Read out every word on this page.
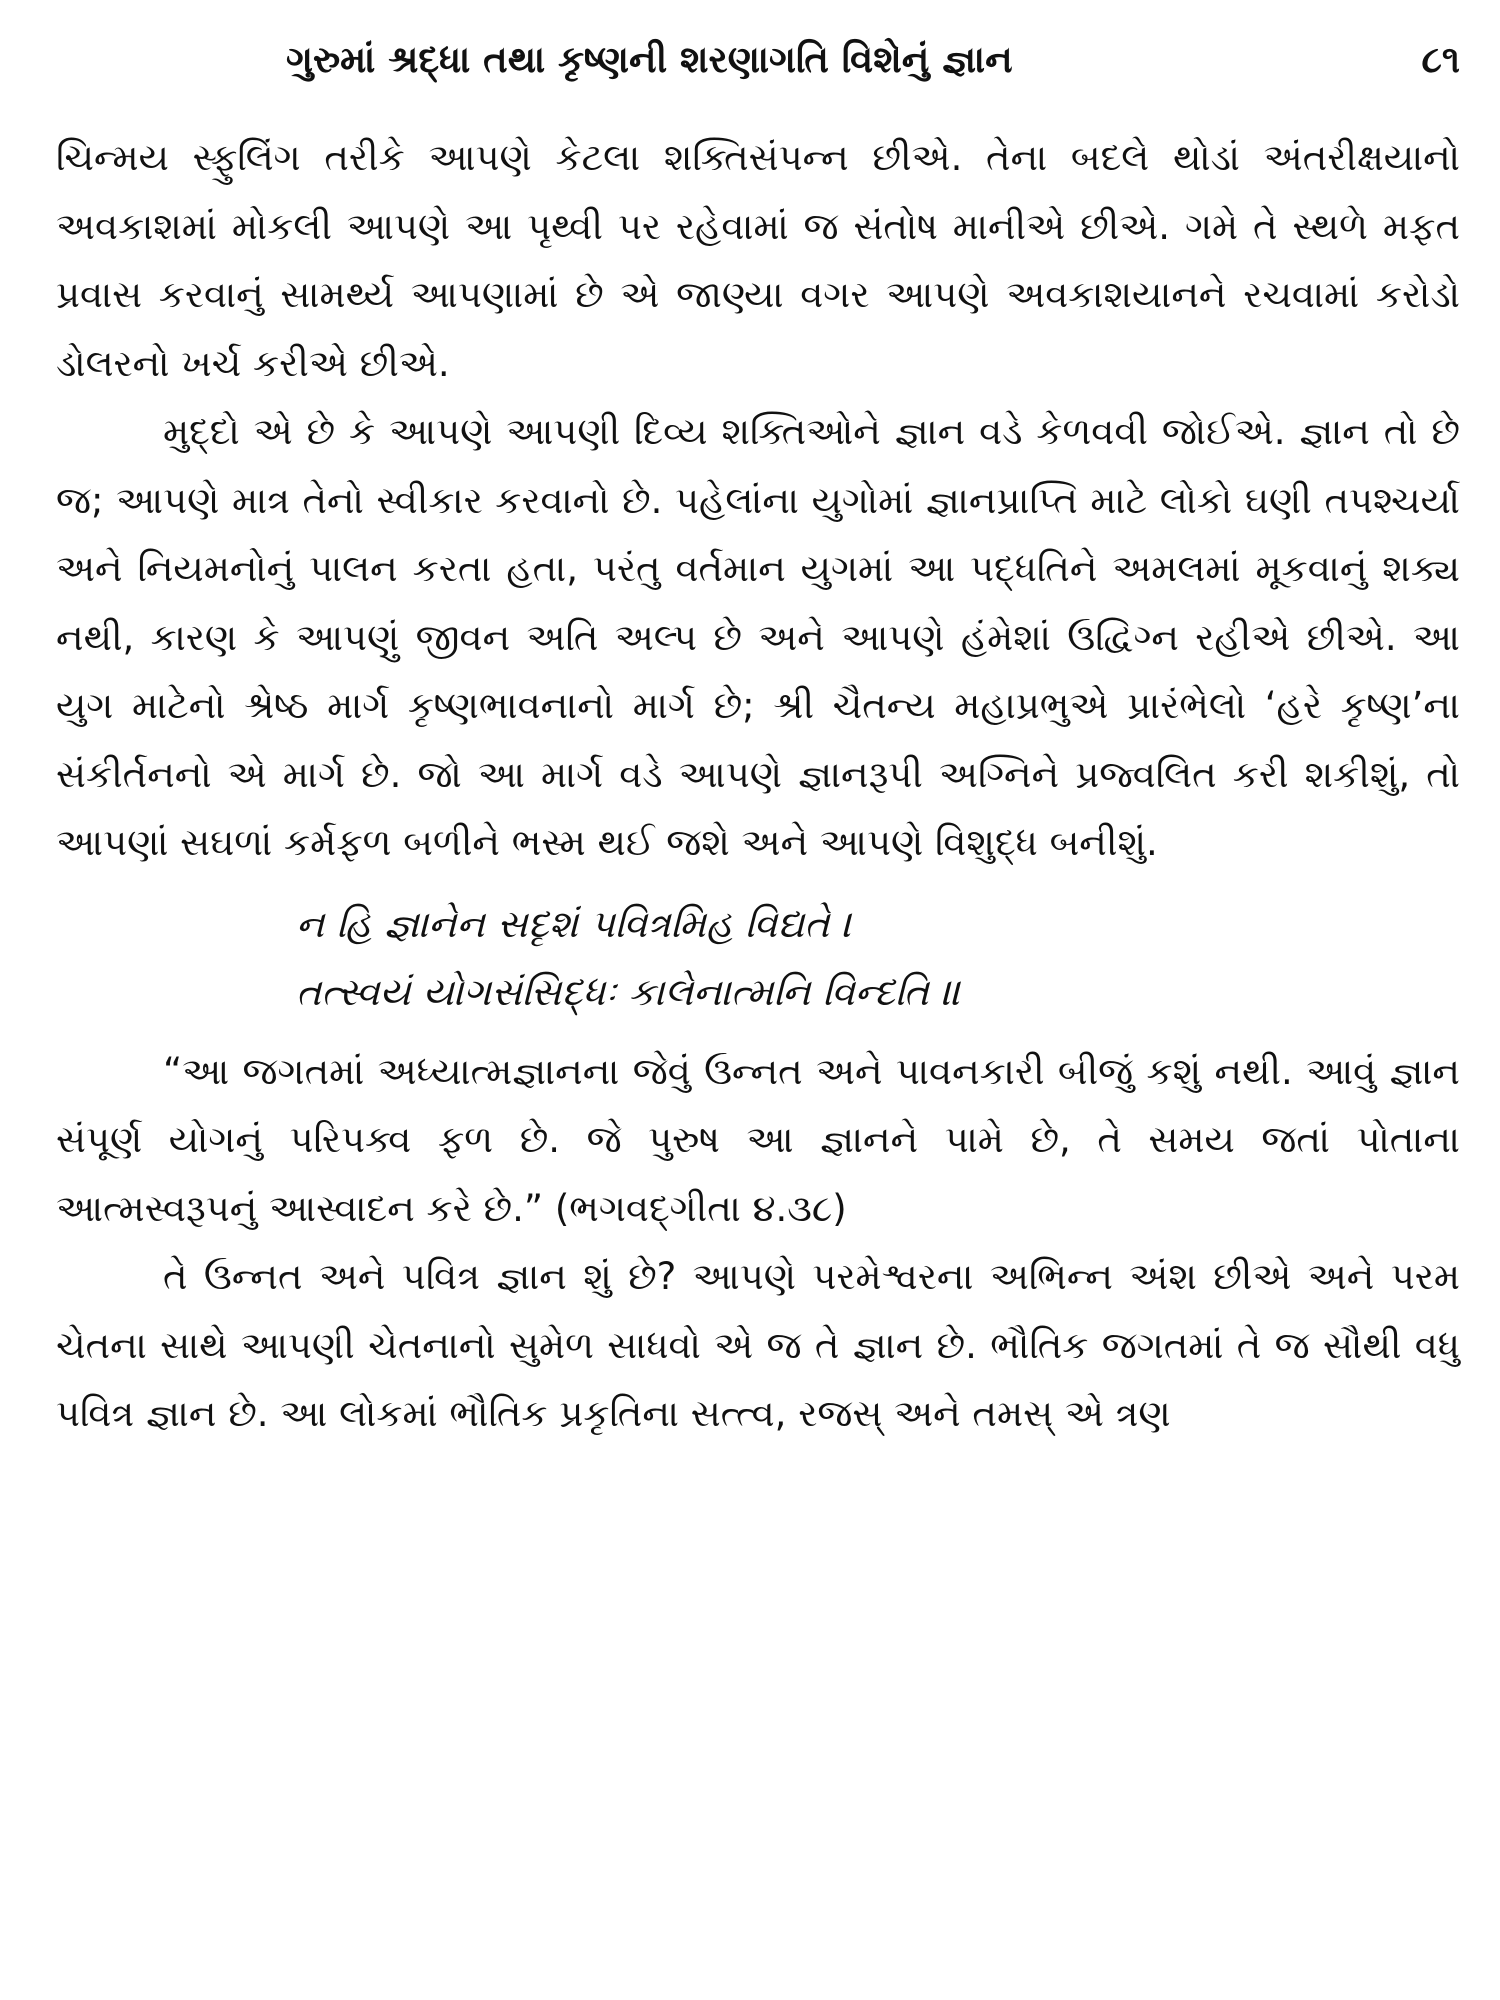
ગુરુમાં શ્રદ્ધા તથા કૃષ્ણની શરણાગતિ વિશેનું જ્ઞાન	૮૧

ચિન્મય સ્ફુલિંગ તરીકે આપણે કેટલા શક્તિસંપન્ન છીએ. તેના બદલે થોડાં અંતરીક્ષયાનો અવકાશમાં મોકલી આપણે આ પૃથ્વી પર રહેવામાં જ સંતોષ માનીએ છીએ. ગમે તે સ્થળે મફત પ્રવાસ કરવાનું સામર્થ્ય આપણામાં છે એ જાણ્યા વગર આપણે અવકાશયાનને રચવામાં કરોડો ડોલરનો ખર્ચ કરીએ છીએ.

મુદ્દો એ છે કે આપણે આપણી દિવ્ય શક્તિઓને જ્ઞાન વડે કેળવવી જોઈએ. જ્ઞાન તો છે જ; આપણે માત્ર તેનો સ્વીકાર કરવાનો છે. પહેલાંના યુગોમાં જ્ઞાનપ્રાપ્તિ માટે લોકો ઘણી તપશ્ચર્યા અને નિયમનોનું પાલન કરતા હતા, પરંતુ વર્તમાન યુગમાં આ પદ્ધતિને અમલમાં મૂકવાનું શક્ય નથી, કારણ કે આપણું જીવન અતિ અલ્પ છે અને આપણે હંમેશાં ઉદ્વિગ્ન રહીએ છીએ. આ યુગ માટેનો શ્રેષ્ઠ માર્ગ કૃષ્ણભાવનાનો માર્ગ છે; શ્રી ચૈતન્ય મહાપ્રભુએ પ્રારંભેલો ‘હરે કૃષ્ણ’ના સંકીર્તનનો એ માર્ગ છે. જો આ માર્ગ વડે આપણે જ્ઞાનરૂપી અગ્નિને પ્રજ્વલિત કરી શકીશું, તો આપણાં સઘળાં કર્મફળ બળીને ભસ્મ થઈ જશે અને આપણે વિશુદ્ધ બનીશું.

ન હિ જ્ઞાનેન સદૃશં પવિત્રમિહ વિદ્યતે ।
તત્સ્વયં યોગસંસિદ્ધઃ કાલેનાત્મનિ વિન્દતિ ॥

“આ જગતમાં અધ્યાત્મજ્ઞાનના જેવું ઉન્નત અને પાવનકારી બીજું કશું નથી. આવું જ્ઞાન સંપૂર્ણ યોગનું પરિપક્વ ફળ છે. જે પુરુષ આ જ્ઞાનને પામે છે, તે સમય જતાં પોતાના આત્મસ્વરૂપનું આસ્વાદન કરે છે.” (ભગવદ્‌ગીતા ૪.૩૮)

તે ઉન્નત અને પવિત્ર જ્ઞાન શું છે? આપણે પરમેશ્વરના અભિન્ન અંશ છીએ અને પરમ ચેતના સાથે આપણી ચેતનાનો સુમેળ સાધવો એ જ તે જ્ઞાન છે. ભૌતિક જગતમાં તે જ સૌથી વધુ પવિત્ર જ્ઞાન છે. આ લોકમાં ભૌતિક પ્રકૃતિના સત્ત્વ, રજસ્‌ અને તમસ્‌ એ ત્રણ
